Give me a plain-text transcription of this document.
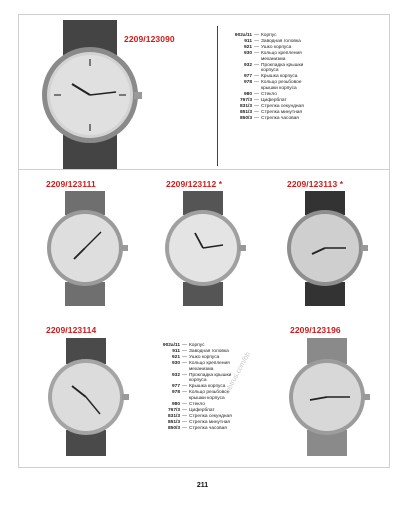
2209/123090	902а/11 — Корпус
911 — Заводная головка
921 — Ушко корпуса
930 — Кольцо крепления
механизма
932 — Прокладка крышки
корпуса
977 — Крышка корпуса
978 — Кольцо резьбовое
крышки корпуса
980 — Стекло
767/3 — Циферблат
831/3 — Стрелка секундная
851/3 — Стрелка минутная
850/3 — Стрелка часовая
2209/123111	2209/123112 *	2209/123113 *
2209/123114	2209/123196
902а/11 — Корпус
911 — Заводная головка
921 — Ушко корпуса
930 — Кольцо крепления
механизма
932 — Прокладка крышки
корпуса
977 — Крышка корпуса
978 — Кольцо резьбовое
крышки корпуса
980 — Стекло
767/3 — Циферблат
831/3 — Стрелка секундная
851/3 — Стрелка минутная
850/3 — Стрелка часовая
mbtrus.com/bb
211
